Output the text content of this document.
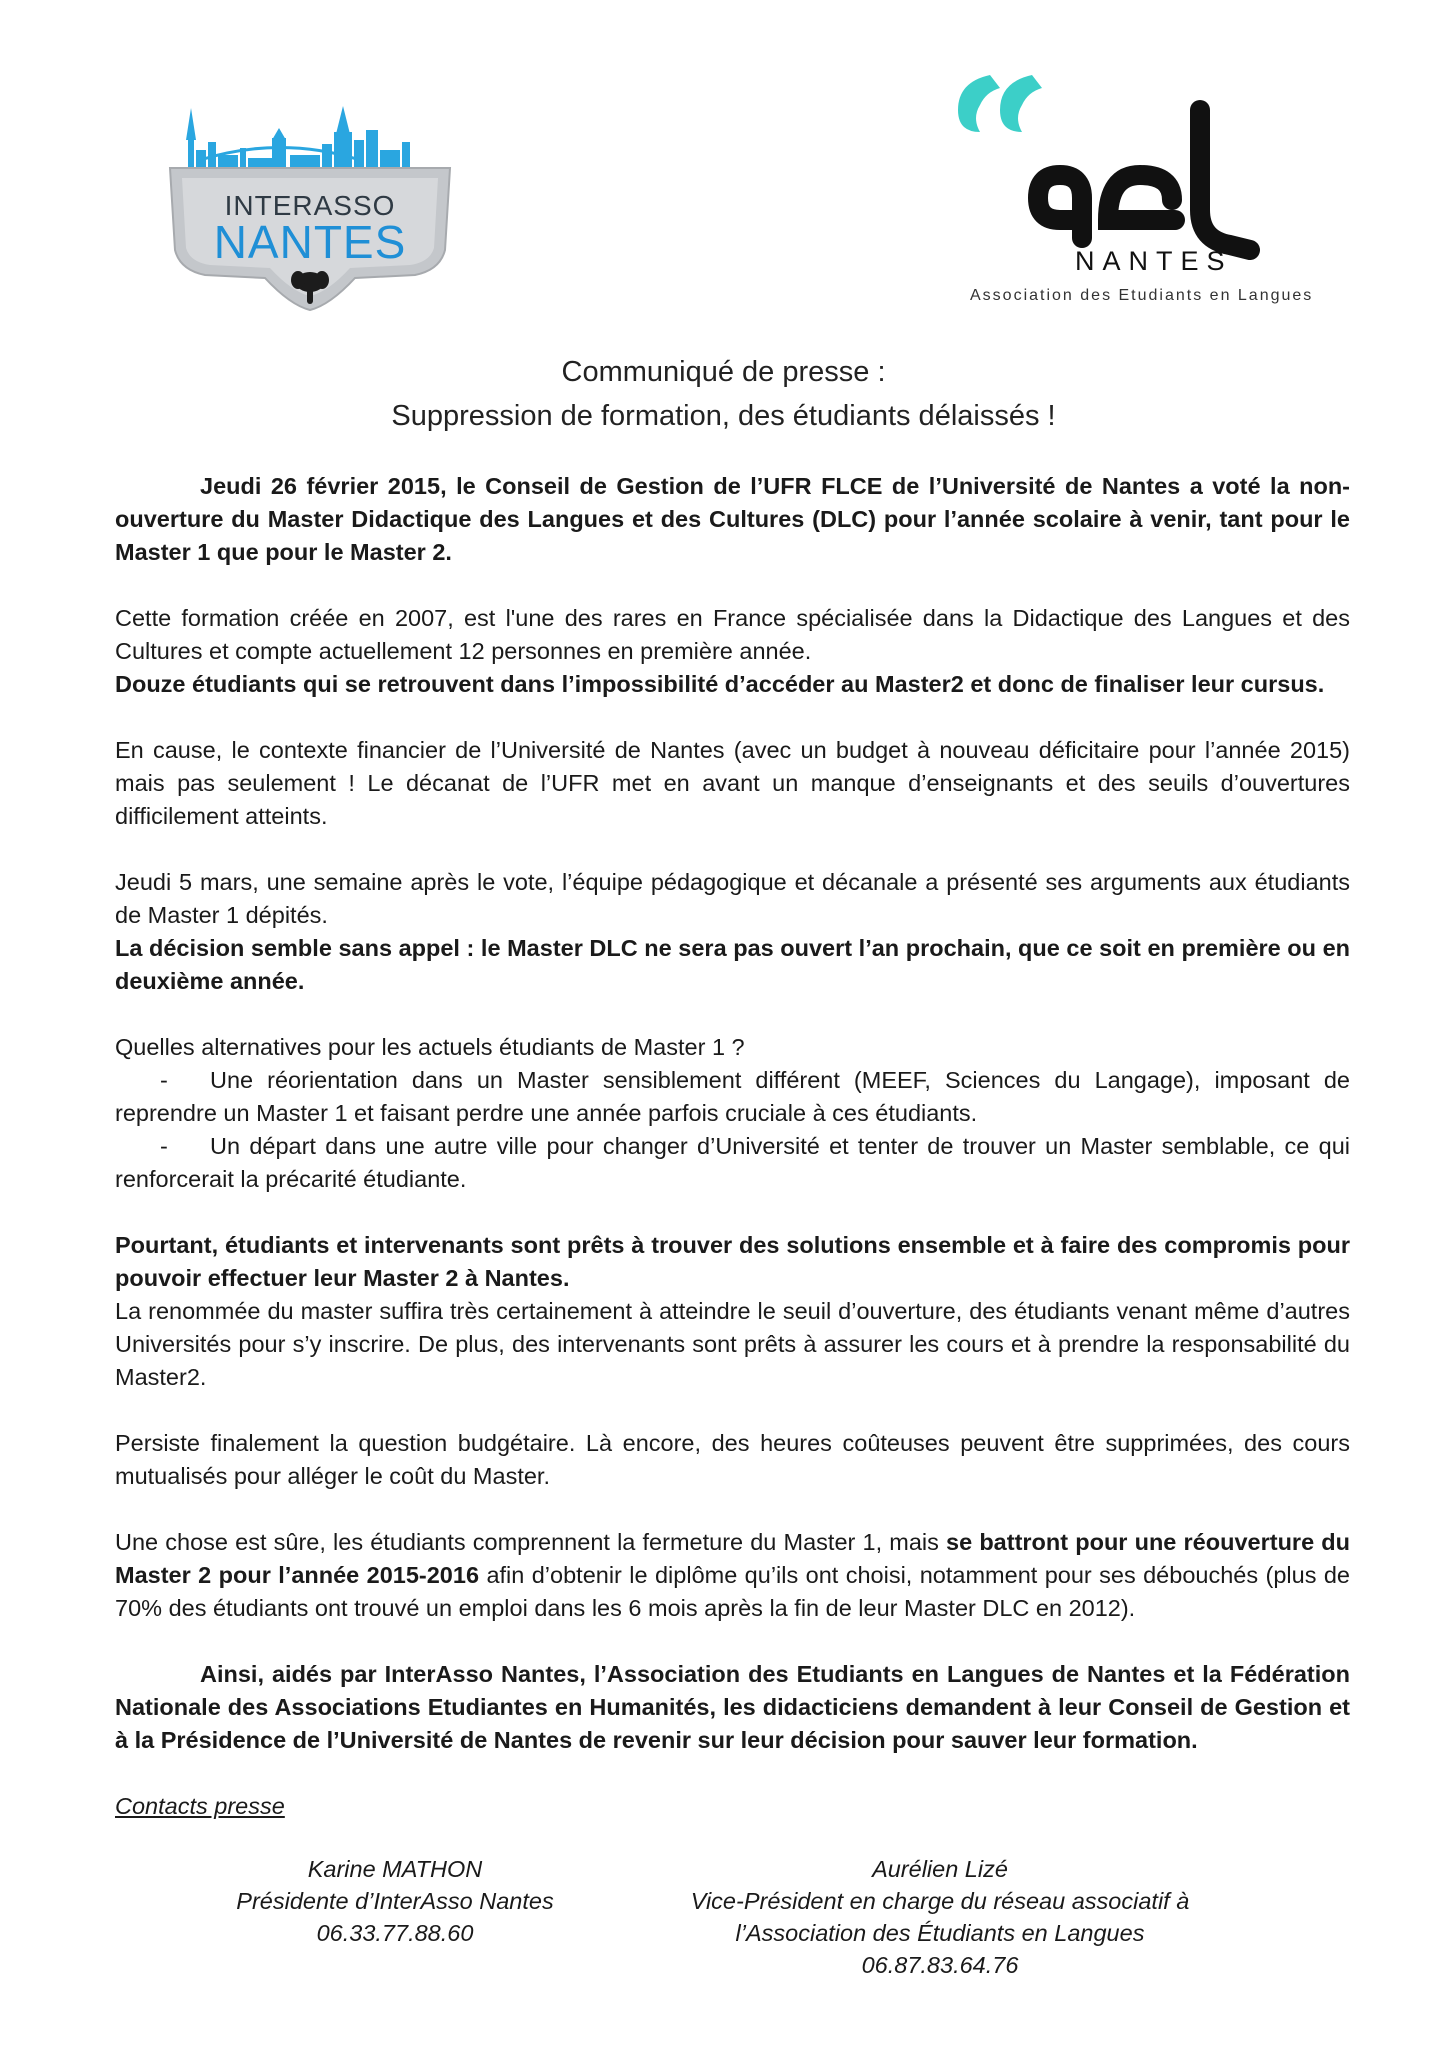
INTERASSO
NANTES	NANTES
Association des Etudiants en Langues
Communiqué de presse :
Suppression de formation, des étudiants délaissés !

Jeudi 26 février 2015, le Conseil de Gestion de l’UFR FLCE de l’Université de Nantes a voté la non-ouverture du Master Didactique des Langues et des Cultures (DLC) pour l’année scolaire à venir, tant pour le Master 1 que pour le Master 2.

Cette formation créée en 2007, est l'une des rares en France spécialisée dans la Didactique des Langues et des Cultures et compte actuellement 12 personnes en première année.

Douze étudiants qui se retrouvent dans l’impossibilité d’accéder au Master2 et donc de finaliser leur cursus.

En cause, le contexte financier de l’Université de Nantes (avec un budget à nouveau déficitaire pour l’année 2015) mais pas seulement ! Le décanat de l’UFR met en avant un manque d’enseignants et des seuils d’ouvertures difficilement atteints.

Jeudi 5 mars, une semaine après le vote, l’équipe pédagogique et décanale a présenté ses arguments aux étudiants de Master 1 dépités.

La décision semble sans appel : le Master DLC ne sera pas ouvert l’an prochain, que ce soit en première ou en deuxième année.

Quelles alternatives pour les actuels étudiants de Master 1 ?

- Une réorientation dans un Master sensiblement différent (MEEF, Sciences du Langage), imposant de reprendre un Master 1 et faisant perdre une année parfois cruciale à ces étudiants.

- Un départ dans une autre ville pour changer d’Université et tenter de trouver un Master semblable, ce qui renforcerait la précarité étudiante.

Pourtant, étudiants et intervenants sont prêts à trouver des solutions ensemble et à faire des compromis pour pouvoir effectuer leur Master 2 à Nantes.

La renommée du master suffira très certainement à atteindre le seuil d’ouverture, des étudiants venant même d’autres Universités pour s’y inscrire. De plus, des intervenants sont prêts à assurer les cours et à prendre la responsabilité du Master2.

Persiste finalement la question budgétaire. Là encore, des heures coûteuses peuvent être supprimées, des cours mutualisés pour alléger le coût du Master.

Une chose est sûre, les étudiants comprennent la fermeture du Master 1, mais se battront pour une réouverture du Master 2 pour l’année 2015-2016 afin d’obtenir le diplôme qu’ils ont choisi, notamment pour ses débouchés (plus de 70% des étudiants ont trouvé un emploi dans les 6 mois après la fin de leur Master DLC en 2012).

Ainsi, aidés par InterAsso Nantes, l’Association des Etudiants en Langues de Nantes et la Fédération Nationale des Associations Etudiantes en Humanités, les didacticiens demandent à leur Conseil de Gestion et à la Présidence de l’Université de Nantes de revenir sur leur décision pour sauver leur formation.

Contacts presse
Karine MATHON
Présidente d’InterAsso Nantes
06.33.77.88.60
Aurélien Lizé
Vice-Président en charge du réseau associatif à
l’Association des Étudiants en Langues
06.87.83.64.76
